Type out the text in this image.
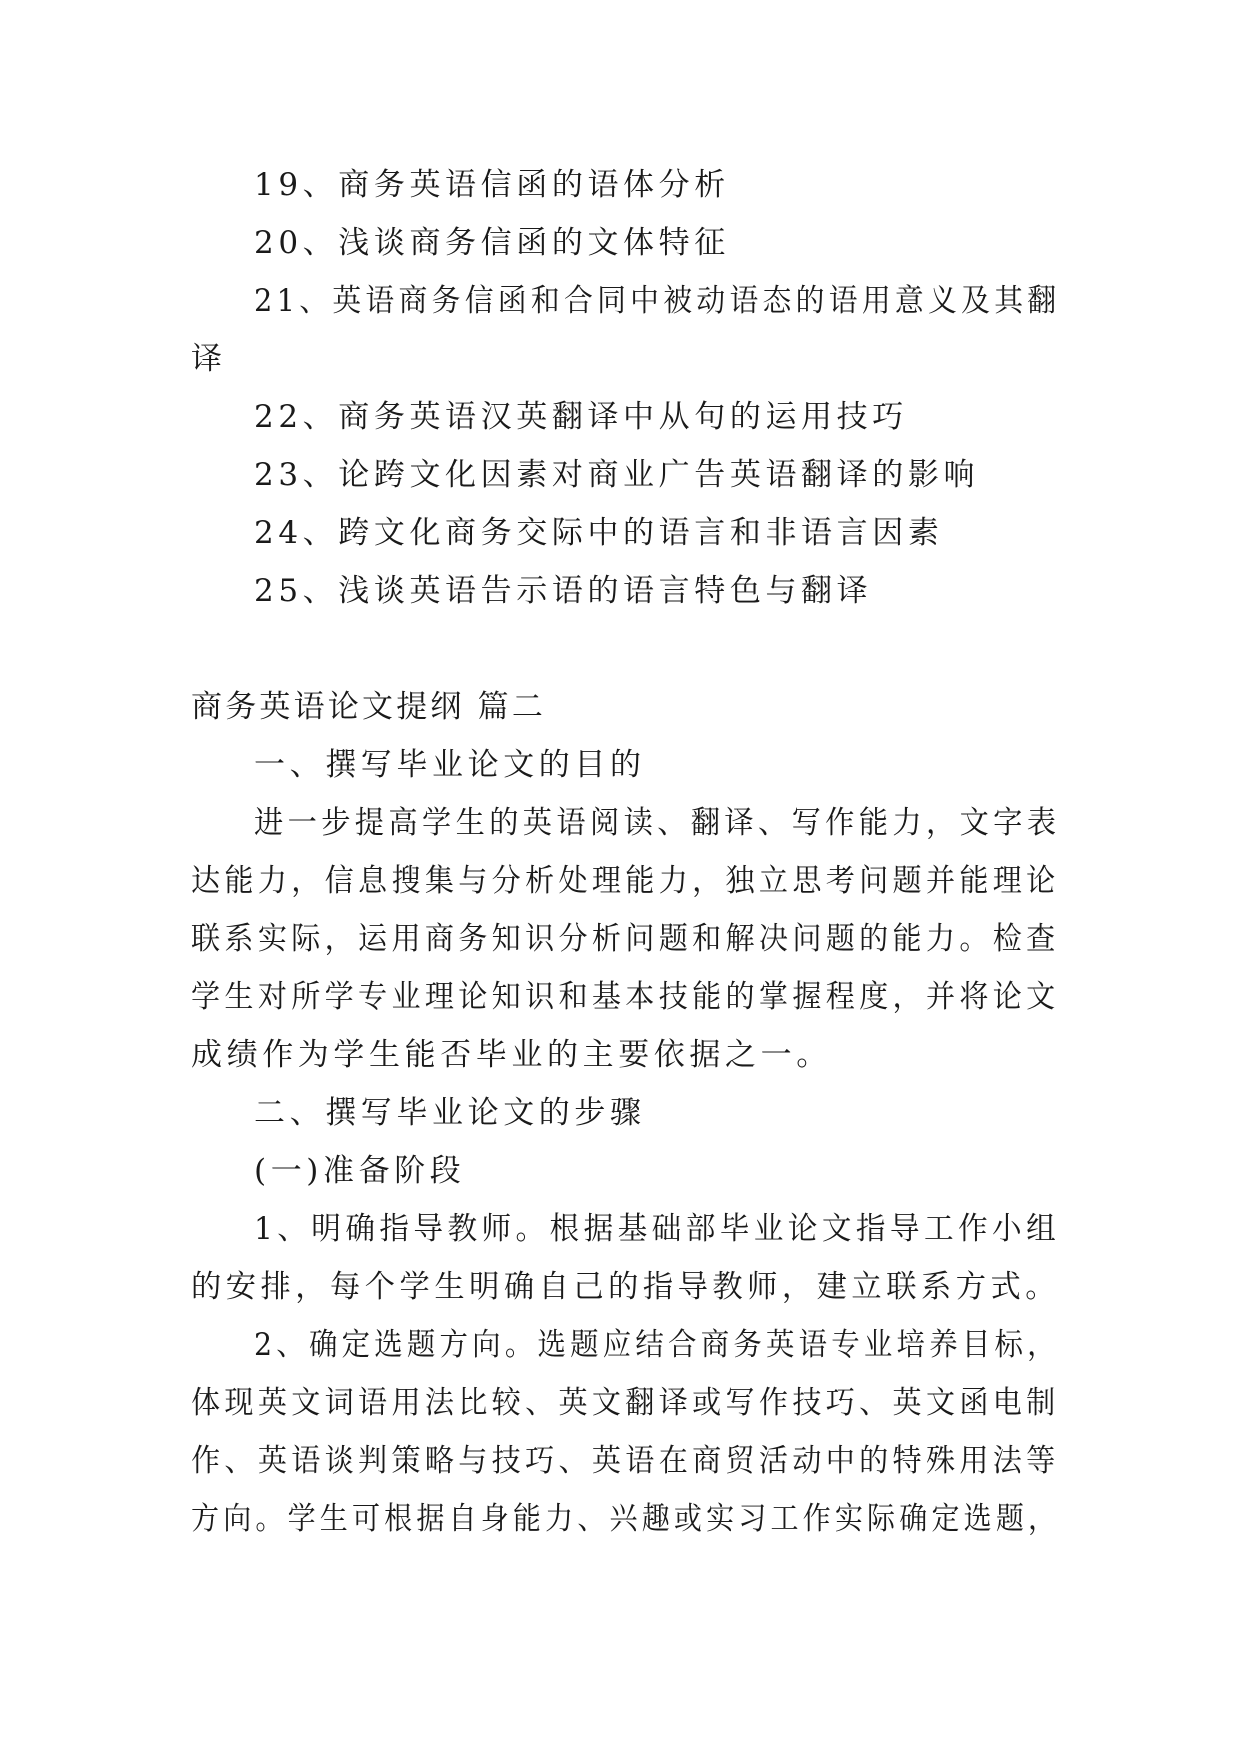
19、商务英语信函的语体分析
20、浅谈商务信函的文体特征
21、英语商务信函和合同中被动语态的语用意义及其翻
译
22、商务英语汉英翻译中从句的运用技巧
23、论跨文化因素对商业广告英语翻译的影响
24、跨文化商务交际中的语言和非语言因素
25、浅谈英语告示语的语言特色与翻译
商务英语论文提纲 篇二
一、撰写毕业论文的目的
进一步提高学生的英语阅读、翻译、写作能力，文字表
达能力，信息搜集与分析处理能力，独立思考问题并能理论
联系实际，运用商务知识分析问题和解决问题的能力。检查
学生对所学专业理论知识和基本技能的掌握程度，并将论文
成绩作为学生能否毕业的主要依据之一。
二、撰写毕业论文的步骤
(一)准备阶段
1、明确指导教师。根据基础部毕业论文指导工作小组
的安排，每个学生明确自己的指导教师，建立联系方式。
2、确定选题方向。选题应结合商务英语专业培养目标，
体现英文词语用法比较、英文翻译或写作技巧、英文函电制
作、英语谈判策略与技巧、英语在商贸活动中的特殊用法等
方向。学生可根据自身能力、兴趣或实习工作实际确定选题，
